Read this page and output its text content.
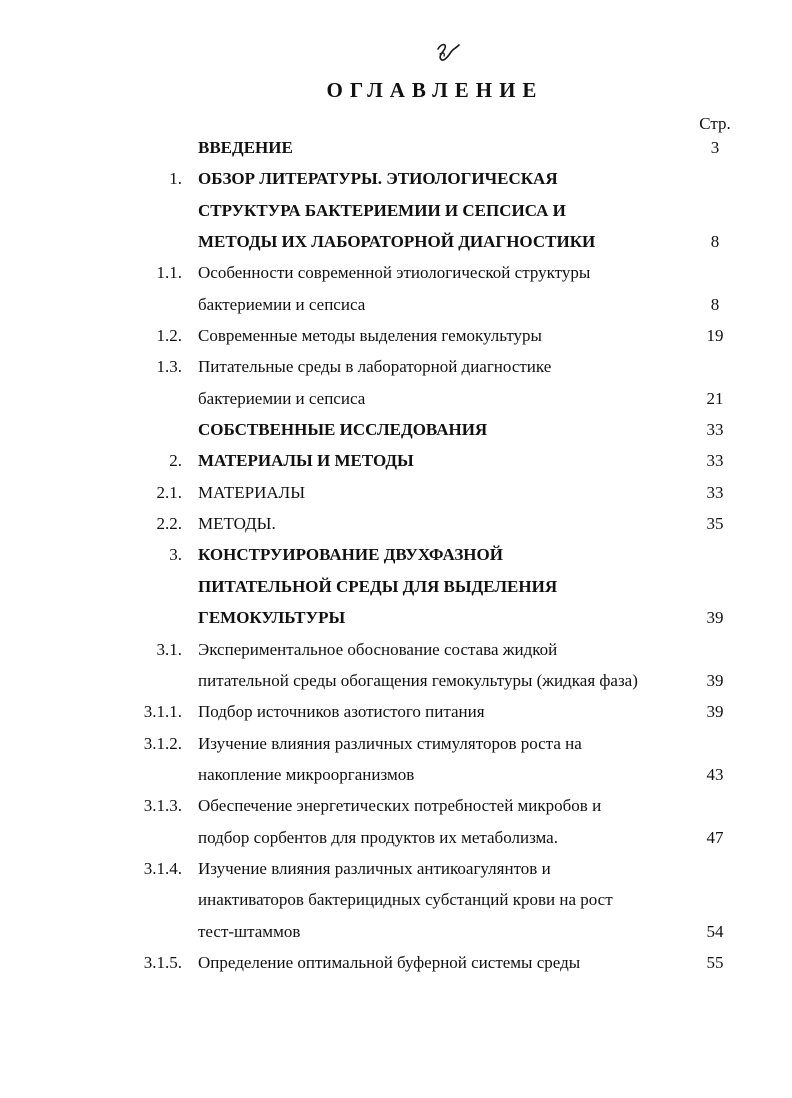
ОГЛАВЛЕНИЕ
Стр.
ВВЕДЕНИЕ	3
1. ОБЗОР ЛИТЕРАТУРЫ. ЭТИОЛОГИЧЕСКАЯ
СТРУКТУРА БАКТЕРИЕМИИ И СЕПСИСА И
МЕТОДЫ ИХ ЛАБОРАТОРНОЙ ДИАГНОСТИКИ	8
1.1. Особенности современной этиологической структуры
бактериемии и сепсиса	8
1.2. Современные методы выделения гемокультуры	19
1.3. Питательные среды в лабораторной диагностике
бактериемии и сепсиса	21
СОБСТВЕННЫЕ ИССЛЕДОВАНИЯ	33
2. МАТЕРИАЛЫ И МЕТОДЫ	33
2.1. МАТЕРИАЛЫ	33
2.2. МЕТОДЫ.	35
3. КОНСТРУИРОВАНИЕ ДВУХФАЗНОЙ
ПИТАТЕЛЬНОЙ СРЕДЫ ДЛЯ ВЫДЕЛЕНИЯ
ГЕМОКУЛЬТУРЫ	39
3.1. Экспериментальное обоснование состава жидкой
питательной среды обогащения гемокультуры (жидкая фаза)	39
3.1.1. Подбор источников азотистого питания	39
3.1.2. Изучение влияния различных стимуляторов роста на
накопление микроорганизмов	43
3.1.3. Обеспечение энергетических потребностей микробов и
подбор сорбентов для продуктов их метаболизма.	47
3.1.4. Изучение влияния различных антикоагулянтов и
инактиваторов бактерицидных субстанций крови на рост
тест-штаммов	54
3.1.5. Определение оптимальной буферной системы среды	55
